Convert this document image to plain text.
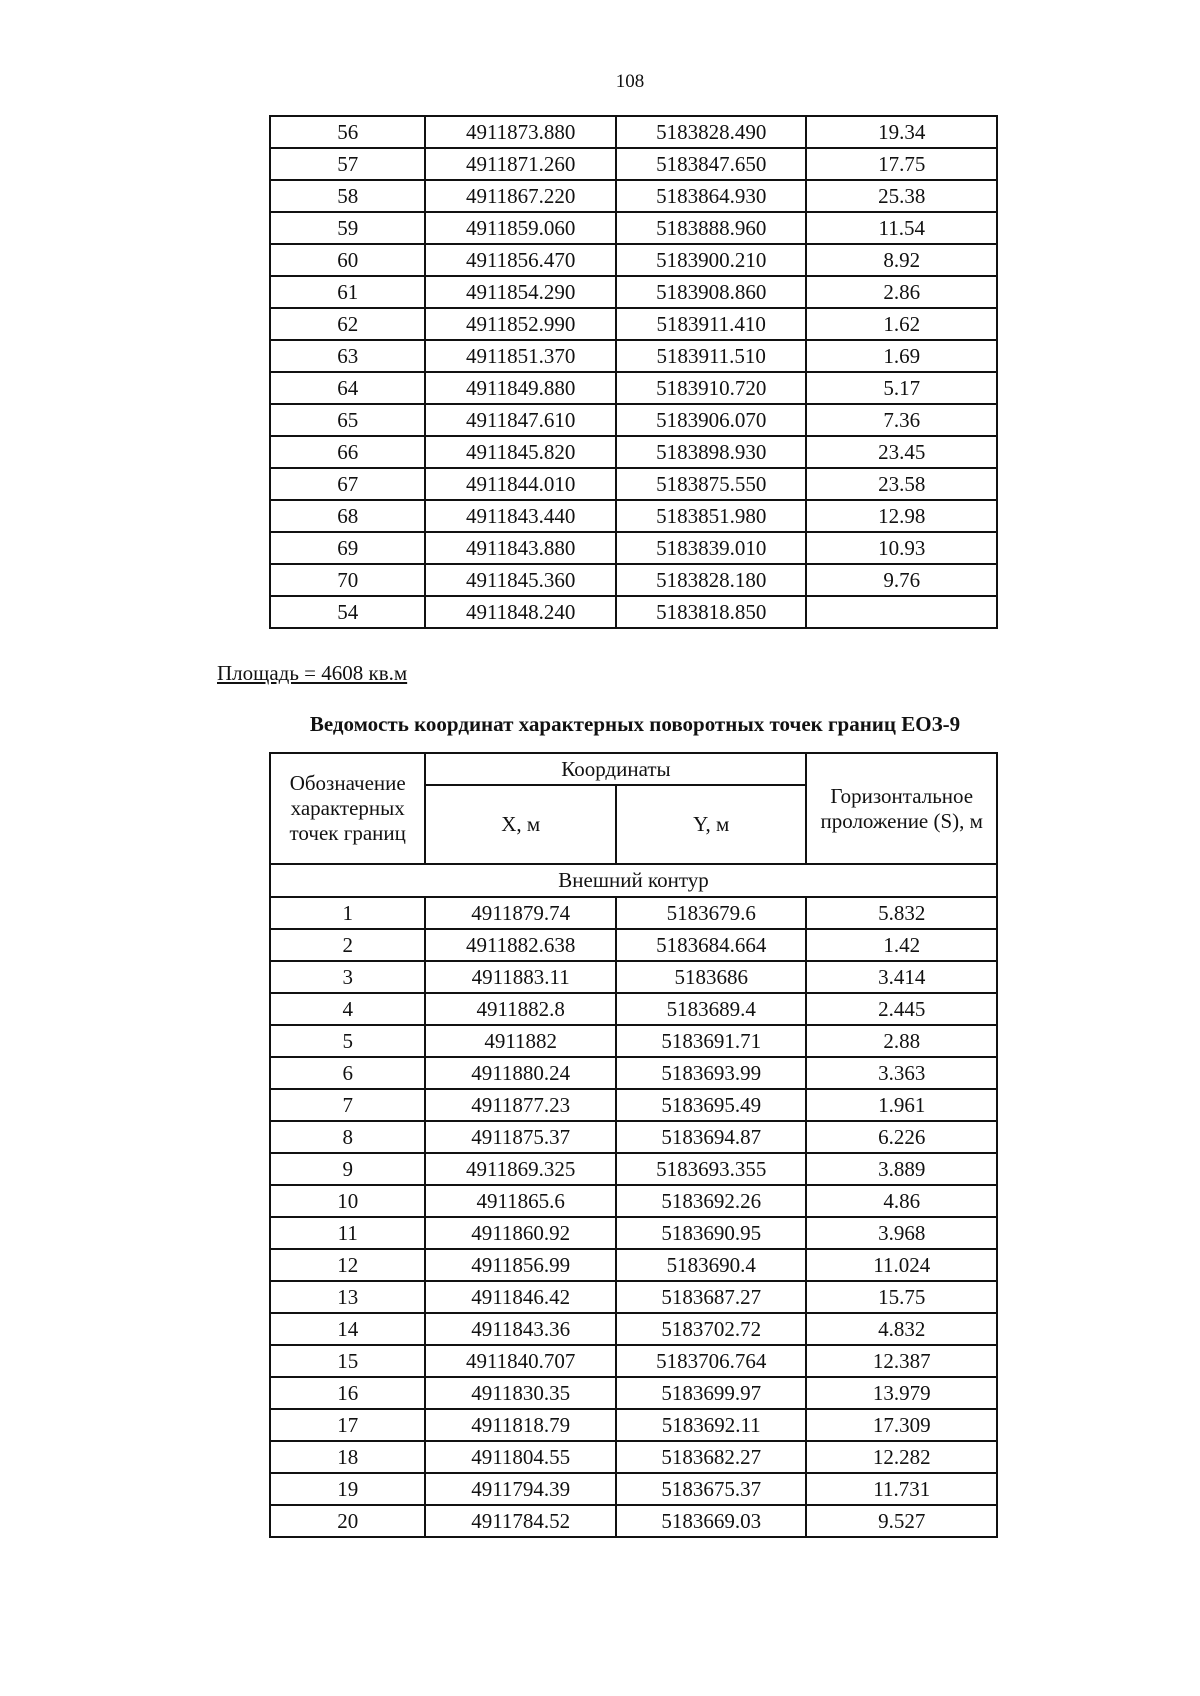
108
56	4911873.880	5183828.490	19.34
57	4911871.260	5183847.650	17.75
58	4911867.220	5183864.930	25.38
59	4911859.060	5183888.960	11.54
60	4911856.470	5183900.210	8.92
61	4911854.290	5183908.860	2.86
62	4911852.990	5183911.410	1.62
63	4911851.370	5183911.510	1.69
64	4911849.880	5183910.720	5.17
65	4911847.610	5183906.070	7.36
66	4911845.820	5183898.930	23.45
67	4911844.010	5183875.550	23.58
68	4911843.440	5183851.980	12.98
69	4911843.880	5183839.010	10.93
70	4911845.360	5183828.180	9.76
54	4911848.240	5183818.850	
Площадь = 4608 кв.м
Ведомость координат характерных поворотных точек границ ЕОЗ-9
Обозначение характерных точек границ	Координаты		Горизонтальное проложение (S), м
	X, м	Y, м	
Внешний контур			
1	4911879.74	5183679.6	5.832
2	4911882.638	5183684.664	1.42
3	4911883.11	5183686	3.414
4	4911882.8	5183689.4	2.445
5	4911882	5183691.71	2.88
6	4911880.24	5183693.99	3.363
7	4911877.23	5183695.49	1.961
8	4911875.37	5183694.87	6.226
9	4911869.325	5183693.355	3.889
10	4911865.6	5183692.26	4.86
11	4911860.92	5183690.95	3.968
12	4911856.99	5183690.4	11.024
13	4911846.42	5183687.27	15.75
14	4911843.36	5183702.72	4.832
15	4911840.707	5183706.764	12.387
16	4911830.35	5183699.97	13.979
17	4911818.79	5183692.11	17.309
18	4911804.55	5183682.27	12.282
19	4911794.39	5183675.37	11.731
20	4911784.52	5183669.03	9.527
